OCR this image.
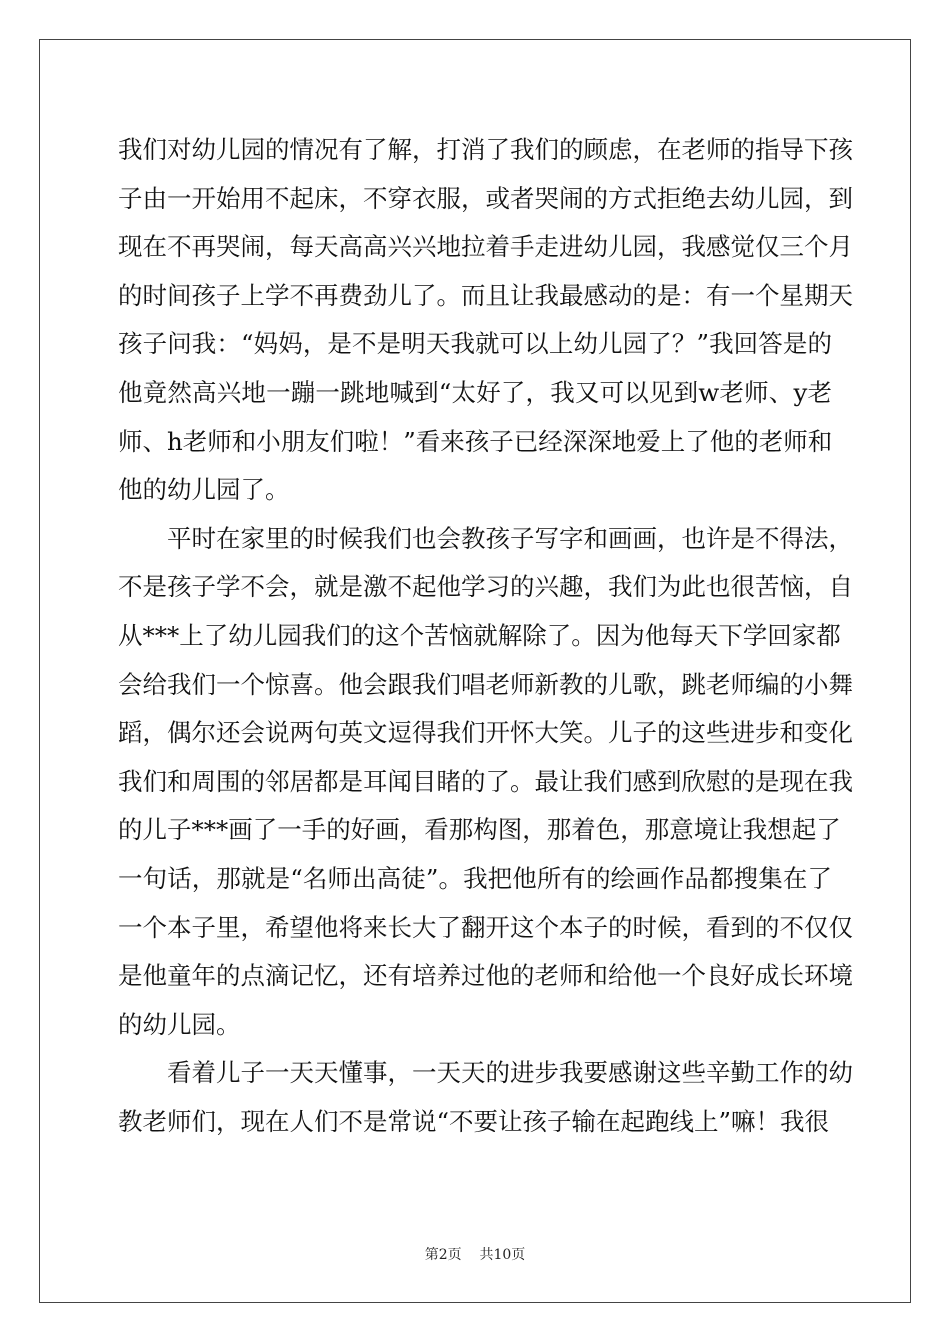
我们对幼儿园的情况有了解，打消了我们的顾虑，在老师的指导下孩
子由一开始用不起床，不穿衣服，或者哭闹的方式拒绝去幼儿园，到
现在不再哭闹，每天高高兴兴地拉着手走进幼儿园，我感觉仅三个月
的时间孩子上学不再费劲儿了。而且让我最感动的是：有一个星期天
孩子问我：“妈妈，是不是明天我就可以上幼儿园了？”我回答是的
他竟然高兴地一蹦一跳地喊到“太好了，我又可以见到w老师、y老
师、h老师和小朋友们啦！”看来孩子已经深深地爱上了他的老师和
他的幼儿园了。
平时在家里的时候我们也会教孩子写字和画画，也许是不得法，
不是孩子学不会，就是激不起他学习的兴趣，我们为此也很苦恼，自
从***上了幼儿园我们的这个苦恼就解除了。因为他每天下学回家都
会给我们一个惊喜。他会跟我们唱老师新教的儿歌，跳老师编的小舞
蹈，偶尔还会说两句英文逗得我们开怀大笑。儿子的这些进步和变化
我们和周围的邻居都是耳闻目睹的了。最让我们感到欣慰的是现在我
的儿子***画了一手的好画，看那构图，那着色，那意境让我想起了
一句话，那就是“名师出高徒”。我把他所有的绘画作品都搜集在了
一个本子里，希望他将来长大了翻开这个本子的时候，看到的不仅仅
是他童年的点滴记忆，还有培养过他的老师和给他一个良好成长环境
的幼儿园。
看着儿子一天天懂事，一天天的进步我要感谢这些辛勤工作的幼
教老师们，现在人们不是常说“不要让孩子输在起跑线上”嘛！我很
第2页 共10页
